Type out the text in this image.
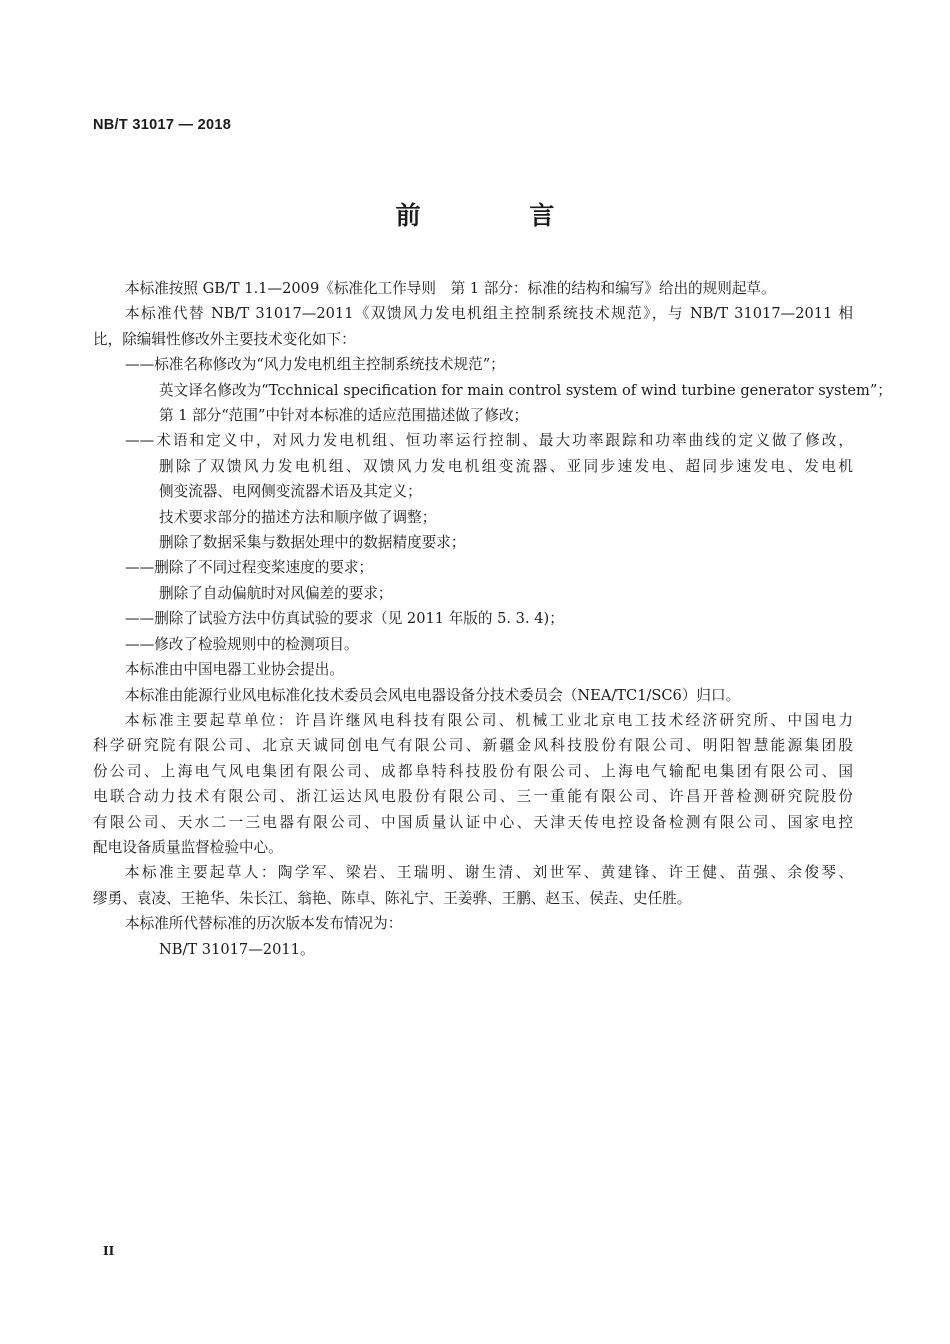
NB/T 31017 — 2018
前 言

本标准按照 GB/T 1.1—2009《标准化工作导则　第 1 部分：标准的结构和编写》给出的规则起草。

本标准代替 NB/T 31017—2011《双馈风力发电机组主控制系统技术规范》，与 NB/T 31017—2011 相

比，除编辑性修改外主要技术变化如下：

——标准名称修改为“风力发电机组主控制系统技术规范”；

英文译名修改为“Tcchnical specification for main control system of wind turbine generator system”；

第 1 部分“范围”中针对本标准的适应范围描述做了修改；

——术语和定义中，对风力发电机组、恒功率运行控制、最大功率跟踪和功率曲线的定义做了修改，

删除了双馈风力发电机组、双馈风力发电机组变流器、亚同步速发电、超同步速发电、发电机

侧变流器、电网侧变流器术语及其定义；

技术要求部分的描述方法和顺序做了调整；

删除了数据采集与数据处理中的数据精度要求；

——删除了不同过程变桨速度的要求；

删除了自动偏航时对风偏差的要求；

——删除了试验方法中仿真试验的要求（见 2011 年版的 5. 3. 4)；

——修改了检验规则中的检测项目。

本标准由中国电器工业协会提出。

本标准由能源行业风电标准化技术委员会风电电器设备分技术委员会（NEA/TC1/SC6）归口。

本标准主要起草单位：许昌许继风电科技有限公司、机械工业北京电工技术经济研究所、中国电力

科学研究院有限公司、北京天诚同创电气有限公司、新疆金风科技股份有限公司、明阳智慧能源集团股

份公司、上海电气风电集团有限公司、成都阜特科技股份有限公司、上海电气输配电集团有限公司、国

电联合动力技术有限公司、浙江运达风电股份有限公司、三一重能有限公司、许昌开普检测研究院股份

有限公司、天水二一三电器有限公司、中国质量认证中心、天津天传电控设备检测有限公司、国家电控

配电设备质量监督检验中心。

本标准主要起草人：陶学军、梁岩、王瑞明、谢生清、刘世军、黄建锋、许王健、苗强、余俊琴、

缪勇、袁凌、王艳华、朱长江、翁艳、陈卓、陈礼宁、王姜骅、王鹏、赵玉、侯垚、史任胜。

本标准所代替标准的历次版本发布情况为：

NB/T 31017—2011。

II
